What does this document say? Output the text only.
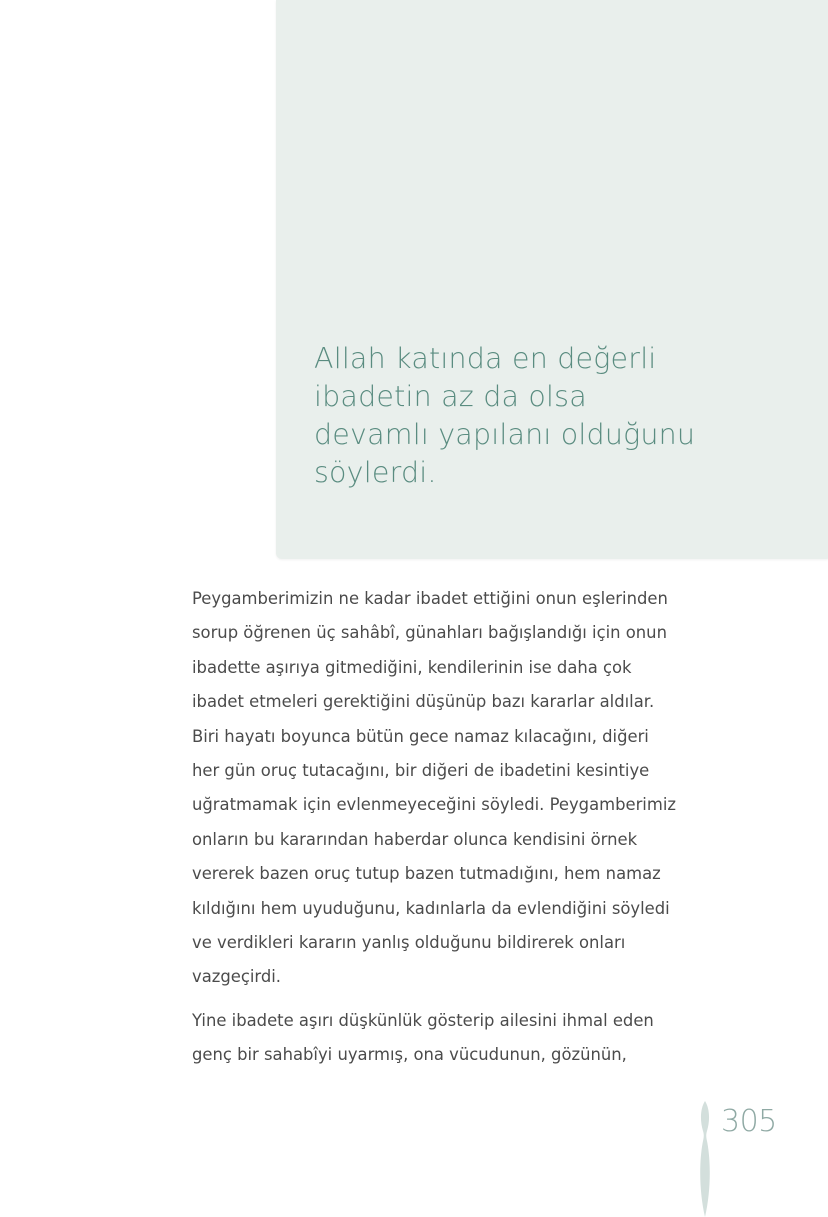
Allah katında en değerli
ibadetin az da olsa
devamlı yapılanı olduğunu
söylerdi.

Peygamberimizin ne kadar ibadet ettiğini onun eşlerinden
sorup öğrenen üç sahâbî, günahları bağışlandığı için onun
ibadette aşırıya gitmediğini, kendilerinin ise daha çok
ibadet etmeleri gerektiğini düşünüp bazı kararlar aldılar.
Biri hayatı boyunca bütün gece namaz kılacağını, diğeri
her gün oruç tutacağını, bir diğeri de ibadetini kesintiye
uğratmamak için evlenmeyeceğini söyledi. Peygamberimiz
onların bu kararından haberdar olunca kendisini örnek
vererek bazen oruç tutup bazen tutmadığını, hem namaz
kıldığını hem uyuduğunu, kadınlarla da evlendiğini söyledi
ve verdikleri kararın yanlış olduğunu bildirerek onları
vazgeçirdi.

Yine ibadete aşırı düşkünlük gösterip ailesini ihmal eden
genç bir sahabîyi uyarmış, ona vücudunun, gözünün,

305
